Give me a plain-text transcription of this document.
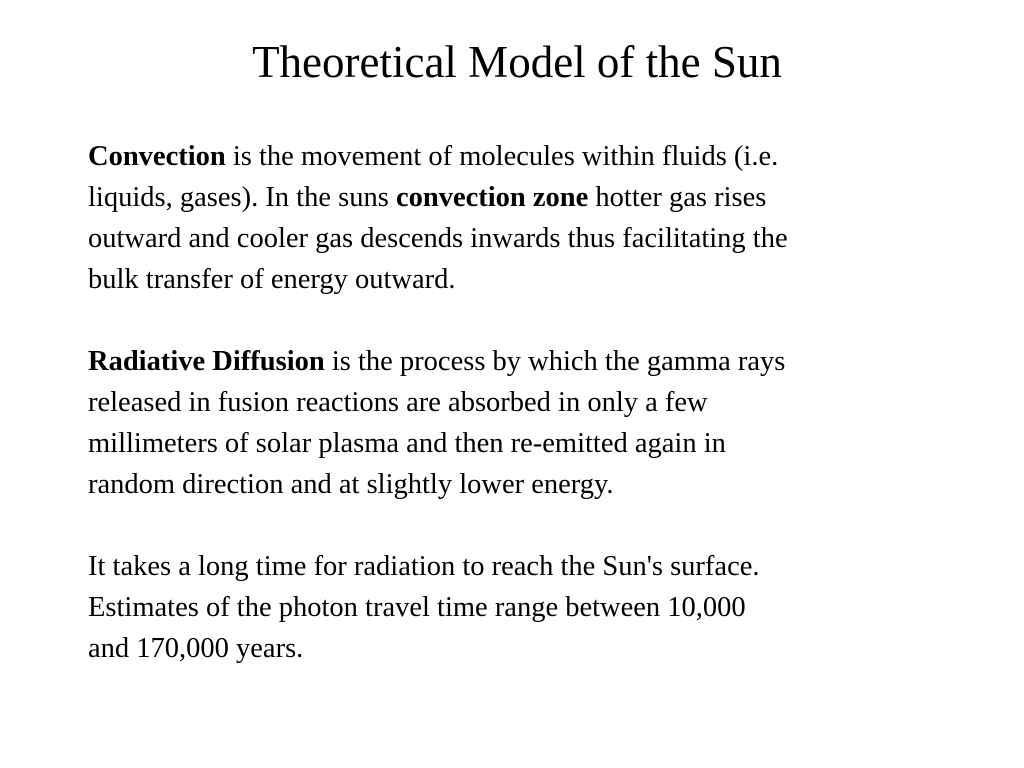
Theoretical Model of the Sun

Convection is the movement of molecules within fluids (i.e.
liquids, gases). In the suns convection zone hotter gas rises
outward and cooler gas descends inwards thus facilitating the
bulk transfer of energy outward.

Radiative Diffusion is the process by which the gamma rays
released in fusion reactions are absorbed in only a few
millimeters of solar plasma and then re-emitted again in
random direction and at slightly lower energy.

It takes a long time for radiation to reach the Sun's surface.
Estimates of the photon travel time range between 10,000
and 170,000 years.
